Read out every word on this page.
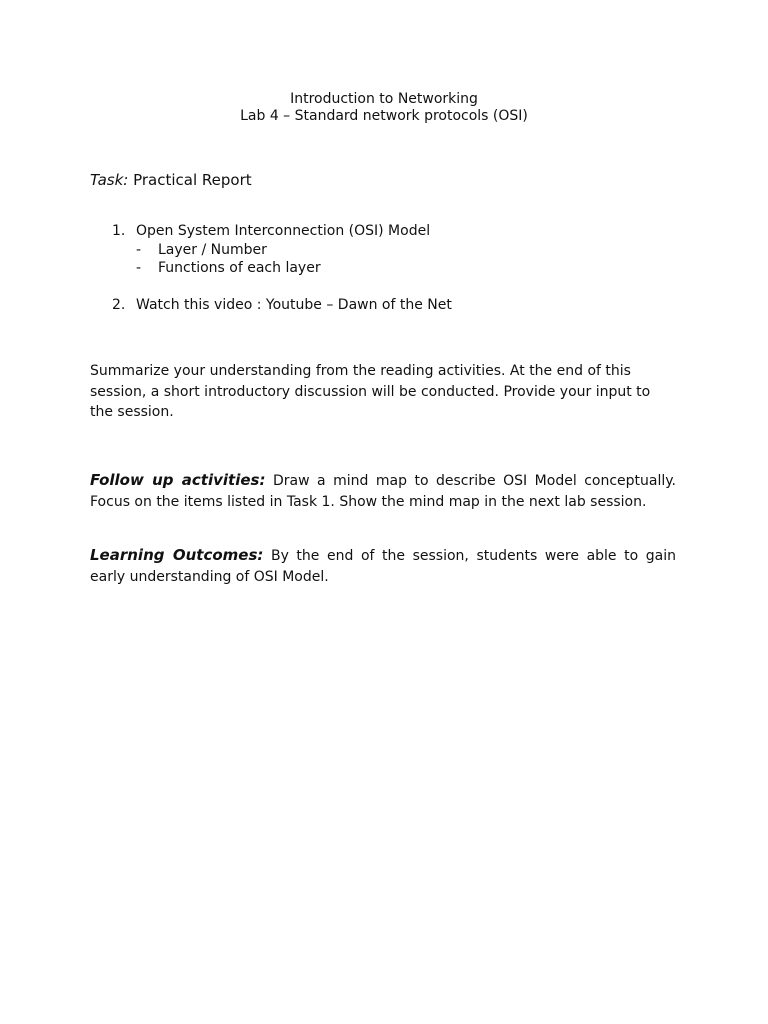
Introduction to Networking
Lab 4 – Standard network protocols (OSI)
Task: Practical Report
1. Open System Interconnection (OSI) Model
- Layer / Number
- Functions of each layer
2. Watch this video : Youtube – Dawn of the Net
Summarize your understanding from the reading activities. At the end of this session, a short introductory discussion will be conducted. Provide your input to the session.
Follow up activities: Draw a mind map to describe OSI Model conceptually. Focus on the items listed in Task 1. Show the mind map in the next lab session.
Learning Outcomes: By the end of the session, students were able to gain early understanding of OSI Model.
